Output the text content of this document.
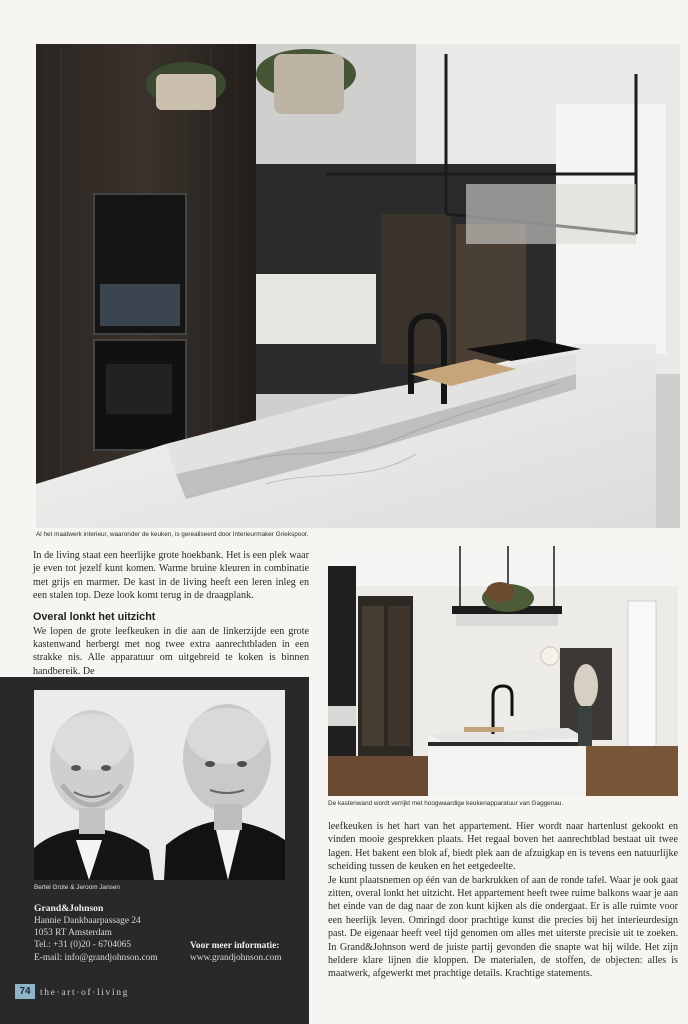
Al het maatwerk interieur, waaronder de keuken, is gerealiseerd door Interieurmaker Griekspoor.

In de living staat een heerlijke grote hoekbank. Het is een plek waar je even tot jezelf kunt komen. Warme bruine kleuren in combinatie met grijs en marmer. De kast in de living heeft een leren inleg en een stalen top. Deze look komt terug in de draagplank.

Overal lonkt het uitzicht

We lopen de grote leefkeuken in die aan de linkerzijde een grote kastenwand herbergt met nog twee extra aanrechtbladen in een strakke nis. Alle apparatuur om uitgebreid te koken is binnen handbereik. De

De kastenwand wordt verrijkt met hoogwaardige keukenapparatuur van Gaggenau.

leefkeuken is het hart van het appartement. Hier wordt naar hartenlust gekookt en vinden mooie gesprekken plaats. Het regaal boven het aanrechtblad bestaat uit twee lagen. Het bakent een blok af, biedt plek aan de afzuigkap en is tevens een natuurlijke scheiding tussen de keuken en het eetgedeelte.

Je kunt plaatsnemen op één van de barkrukken of aan de ronde tafel. Waar je ook gaat zitten, overal lonkt het uitzicht. Het appartement heeft twee ruime balkons waar je aan het einde van de dag naar de zon kunt kijken als die ondergaat. Er is alle ruimte voor een heerlijk leven. Omringd door prachtige kunst die precies bij het interieurdesign past. De eigenaar heeft veel tijd genomen om alles met uiterste precisie uit te zoeken. In Grand&Johnson werd de juiste partij gevonden die snapte wat hij wilde. Het zijn heldere klare lijnen die kloppen. De materialen, de stoffen, de objecten: alles is maatwerk, afgewerkt met prachtige details. Krachtige statements.

Bertel Grote & Jeroom Jansen
Grand&Johnson
Hannie Dankbaarpassage 24
1053 RT Amsterdam
Tel.: +31 (0)20 - 6704065
E-mail: info@grandjohnson.com
Voor meer informatie:
www.grandjohnson.com
74 the·art·of·living
